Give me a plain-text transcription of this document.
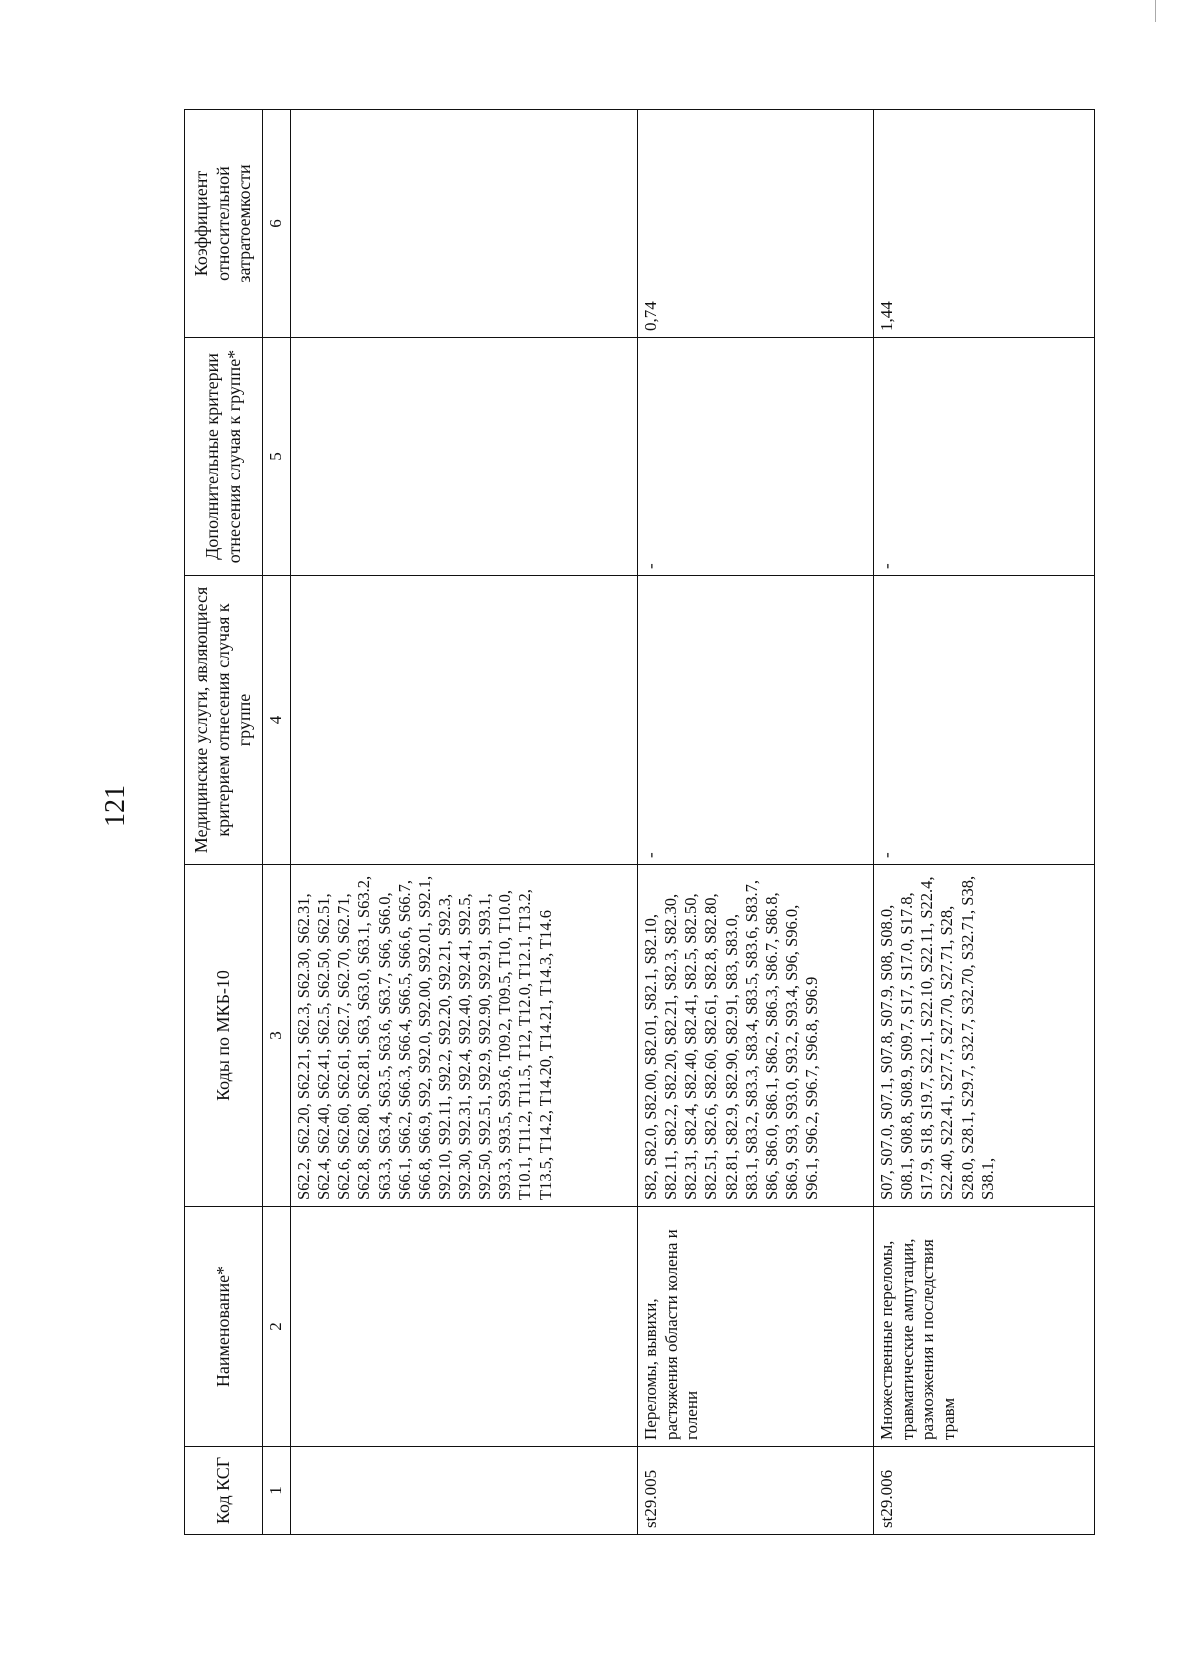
121
Код КСГ	Наименование*	Коды по МКБ-10	Медицинские услуги, являющиеся критерием отнесения случая к группе	Дополнительные критерии отнесения случая к группе*	Коэффициент относительной затратоемкости
1	2	3	4	5	6
		S62.2, S62.20, S62.21, S62.3, S62.30, S62.31, S62.4, S62.40, S62.41, S62.5, S62.50, S62.51, S62.6, S62.60, S62.61, S62.7, S62.70, S62.71, S62.8, S62.80, S62.81, S63, S63.0, S63.1, S63.2, S63.3, S63.4, S63.5, S63.6, S63.7, S66, S66.0, S66.1, S66.2, S66.3, S66.4, S66.5, S66.6, S66.7, S66.8, S66.9, S92, S92.0, S92.00, S92.01, S92.1, S92.10, S92.11, S92.2, S92.20, S92.21, S92.3, S92.30, S92.31, S92.4, S92.40, S92.41, S92.5, S92.50, S92.51, S92.9, S92.90, S92.91, S93.1, S93.3, S93.5, S93.6, T09.2, T09.5, T10, T10.0, T10.1, T11.2, T11.5, T12, T12.0, T12.1, T13.2, T13.5, T14.2, T14.20, T14.21, T14.3, T14.6			
st29.005	Переломы, вывихи, растяжения области колена и голени	S82, S82.0, S82.00, S82.01, S82.1, S82.10, S82.11, S82.2, S82.20, S82.21, S82.3, S82.30, S82.31, S82.4, S82.40, S82.41, S82.5, S82.50, S82.51, S82.6, S82.60, S82.61, S82.8, S82.80, S82.81, S82.9, S82.90, S82.91, S83, S83.0, S83.1, S83.2, S83.3, S83.4, S83.5, S83.6, S83.7, S86, S86.0, S86.1, S86.2, S86.3, S86.7, S86.8, S86.9, S93, S93.0, S93.2, S93.4, S96, S96.0, S96.1, S96.2, S96.7, S96.8, S96.9	-	-	0,74
st29.006	Множественные переломы, травматические ампутации, размозжения и последствия травм	S07, S07.0, S07.1, S07.8, S07.9, S08, S08.0, S08.1, S08.8, S08.9, S09.7, S17, S17.0, S17.8, S17.9, S18, S19.7, S22.1, S22.10, S22.11, S22.4, S22.40, S22.41, S27.7, S27.70, S27.71, S28, S28.0, S28.1, S29.7, S32.7, S32.70, S32.71, S38, S38.1,	-	-	1,44
